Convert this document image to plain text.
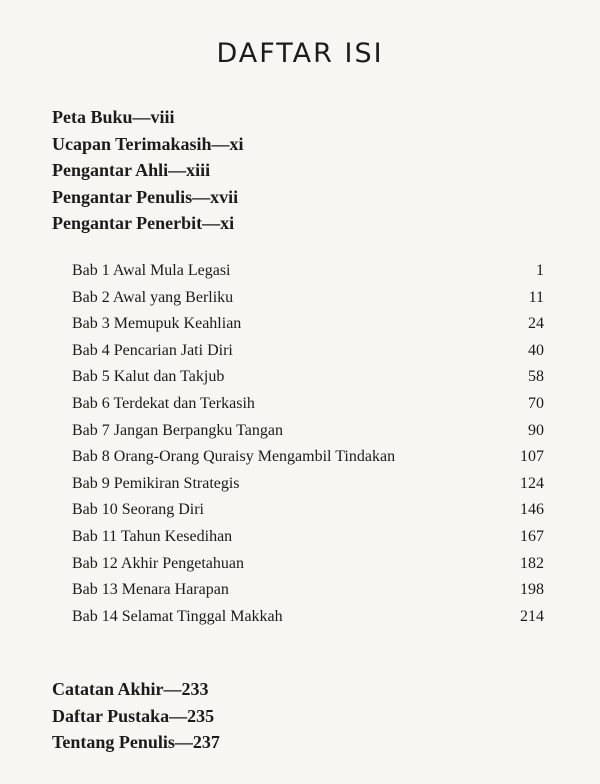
DAFTAR ISI
Peta Buku—viii
Ucapan Terimakasih—xi
Pengantar Ahli—xiii
Pengantar Penulis—xvii
Pengantar Penerbit—xi
Bab 1 Awal Mula Legasi	1
Bab 2 Awal yang Berliku	11
Bab 3 Memupuk Keahlian	24
Bab 4 Pencarian Jati Diri	40
Bab 5 Kalut dan Takjub	58
Bab 6 Terdekat dan Terkasih	70
Bab 7 Jangan Berpangku Tangan	90
Bab 8 Orang-Orang Quraisy Mengambil Tindakan	107
Bab 9 Pemikiran Strategis	124
Bab 10 Seorang Diri	146
Bab 11 Tahun Kesedihan	167
Bab 12 Akhir Pengetahuan	182
Bab 13 Menara Harapan	198
Bab 14 Selamat Tinggal Makkah	214
Catatan Akhir—233
Daftar Pustaka—235
Tentang Penulis—237
